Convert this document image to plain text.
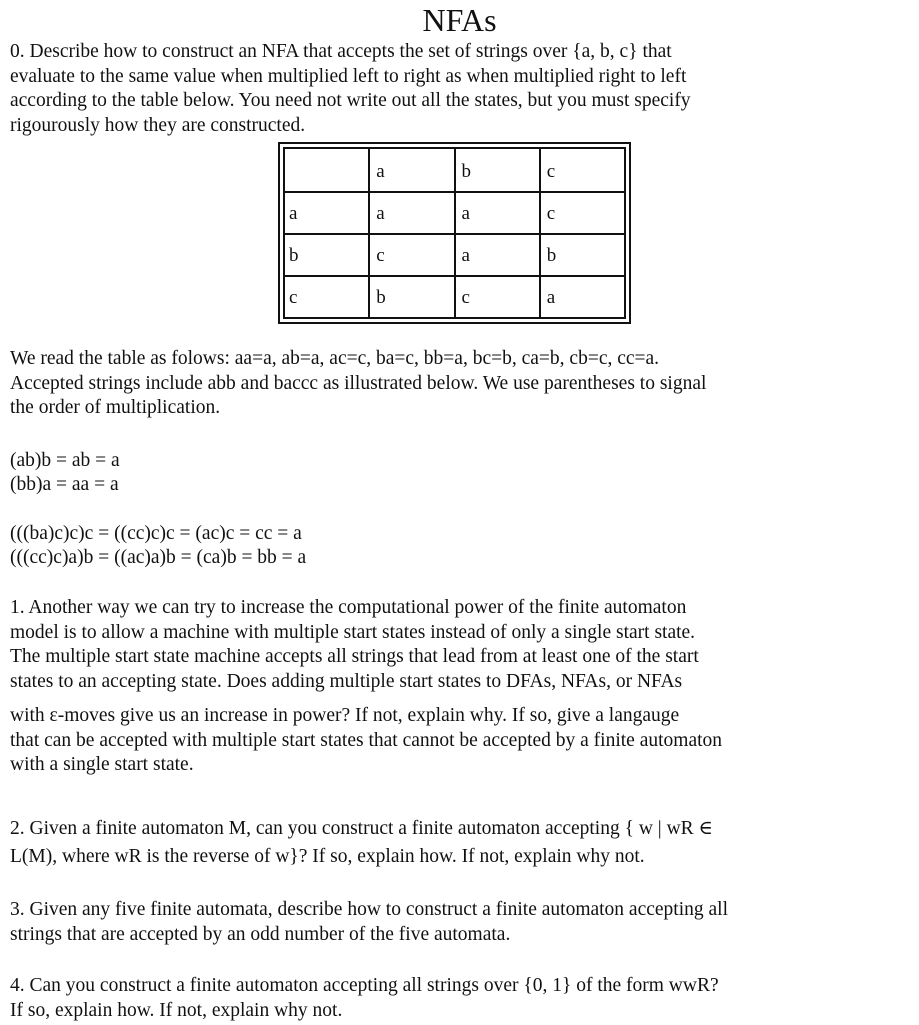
NFAs
0. Describe how to construct an NFA that accepts the set of strings over {a, b, c} that
evaluate to the same value when multiplied left to right as when multiplied right to left
according to the table below. You need not write out all the states, but you must specify
rigourously how they are constructed.
	a	b	c
a	a	a	c
b	c	a	b
c	b	c	a
We read the table as folows: aa=a, ab=a, ac=c, ba=c, bb=a, bc=b, ca=b, cb=c, cc=a.
Accepted strings include abb and baccc as illustrated below. We use parentheses to signal
the order of multiplication.
(ab)b = ab = a
(bb)a = aa = a
(((ba)c)c)c = ((cc)c)c = (ac)c = cc = a
(((cc)c)a)b = ((ac)a)b = (ca)b = bb = a
1. Another way we can try to increase the computational power of the finite automaton
model is to allow a machine with multiple start states instead of only a single start state.
The multiple start state machine accepts all strings that lead from at least one of the start
states to an accepting state. Does adding multiple start states to DFAs, NFAs, or NFAs
with ε-moves give us an increase in power? If not, explain why. If so, give a langauge
that can be accepted with multiple start states that cannot be accepted by a finite automaton
with a single start state.
2. Given a finite automaton M, can you construct a finite automaton accepting { w | wR ∈
L(M), where wR is the reverse of w}? If so, explain how. If not, explain why not.
3. Given any five finite automata, describe how to construct a finite automaton accepting all
strings that are accepted by an odd number of the five automata.
4. Can you construct a finite automaton accepting all strings over {0, 1} of the form wwR?
If so, explain how. If not, explain why not.
